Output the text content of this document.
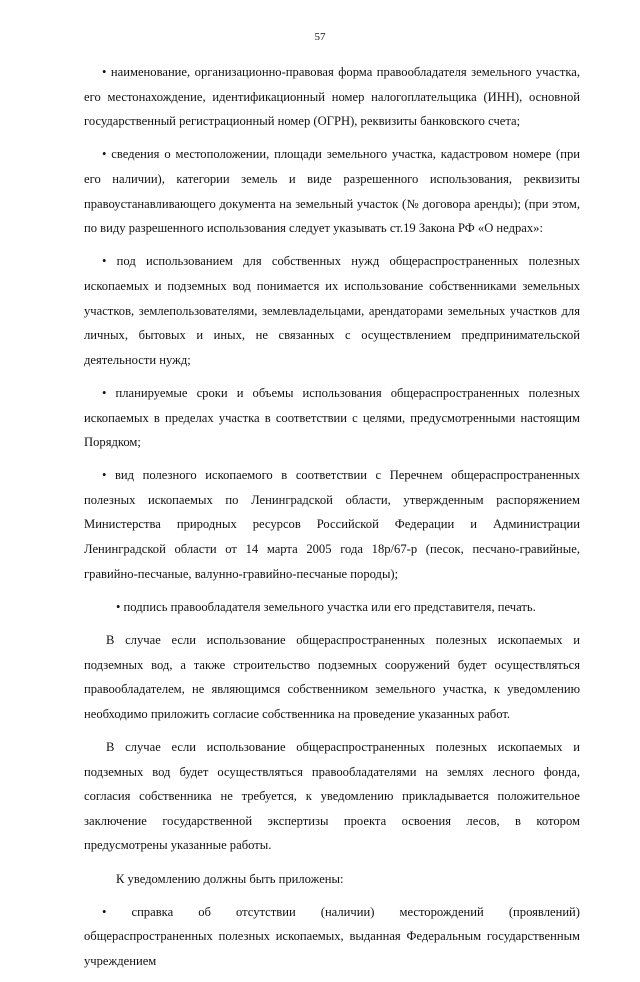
57

• наименование, организационно-правовая форма правообладателя земельного участка, его местонахождение, идентификационный номер налогоплательщика (ИНН), основной государственный регистрационный номер (ОГРН), реквизиты банковского счета;

• сведения о местоположении, площади земельного участка, кадастровом номере (при его наличии), категории земель и виде разрешенного использования, реквизиты правоустанавливающего документа на земельный участок (№ договора аренды); (при этом, по виду разрешенного использования следует указывать ст.19 Закона РФ «О недрах»:

• под использованием для собственных нужд общераспространенных полезных ископаемых и подземных вод понимается их использование собственниками земельных участков, землепользователями, землевладельцами, арендаторами земельных участков для личных, бытовых и иных, не связанных с осуществлением предпринимательской деятельности нужд;

• планируемые сроки и объемы использования общераспространенных полезных ископаемых в пределах участка в соответствии с целями, предусмотренными настоящим Порядком;

• вид полезного ископаемого в соответствии с Перечнем общераспространенных полезных ископаемых по Ленинградской области, утвержденным распоряжением Министерства природных ресурсов Российской Федерации и Администрации Ленинградской области от 14 марта 2005 года 18р/67-р (песок, песчано-гравийные, гравийно-песчаные, валунно-гравийно-песчаные породы);

• подпись правообладателя земельного участка или его представителя, печать.

В случае если использование общераспространенных полезных ископаемых и подземных вод, а также строительство подземных сооружений будет осуществляться правообладателем, не являющимся собственником земельного участка, к уведомлению необходимо приложить согласие собственника на проведение указанных работ.

В случае если использование общераспространенных полезных ископаемых и подземных вод будет осуществляться правообладателями на землях лесного фонда, согласия собственника не требуется, к уведомлению прикладывается положительное заключение государственной экспертизы проекта освоения лесов, в котором предусмотрены указанные работы.

К уведомлению должны быть приложены:

• справка об отсутствии (наличии) месторождений (проявлений) общераспространенных полезных ископаемых, выданная Федеральным государственным учреждением
